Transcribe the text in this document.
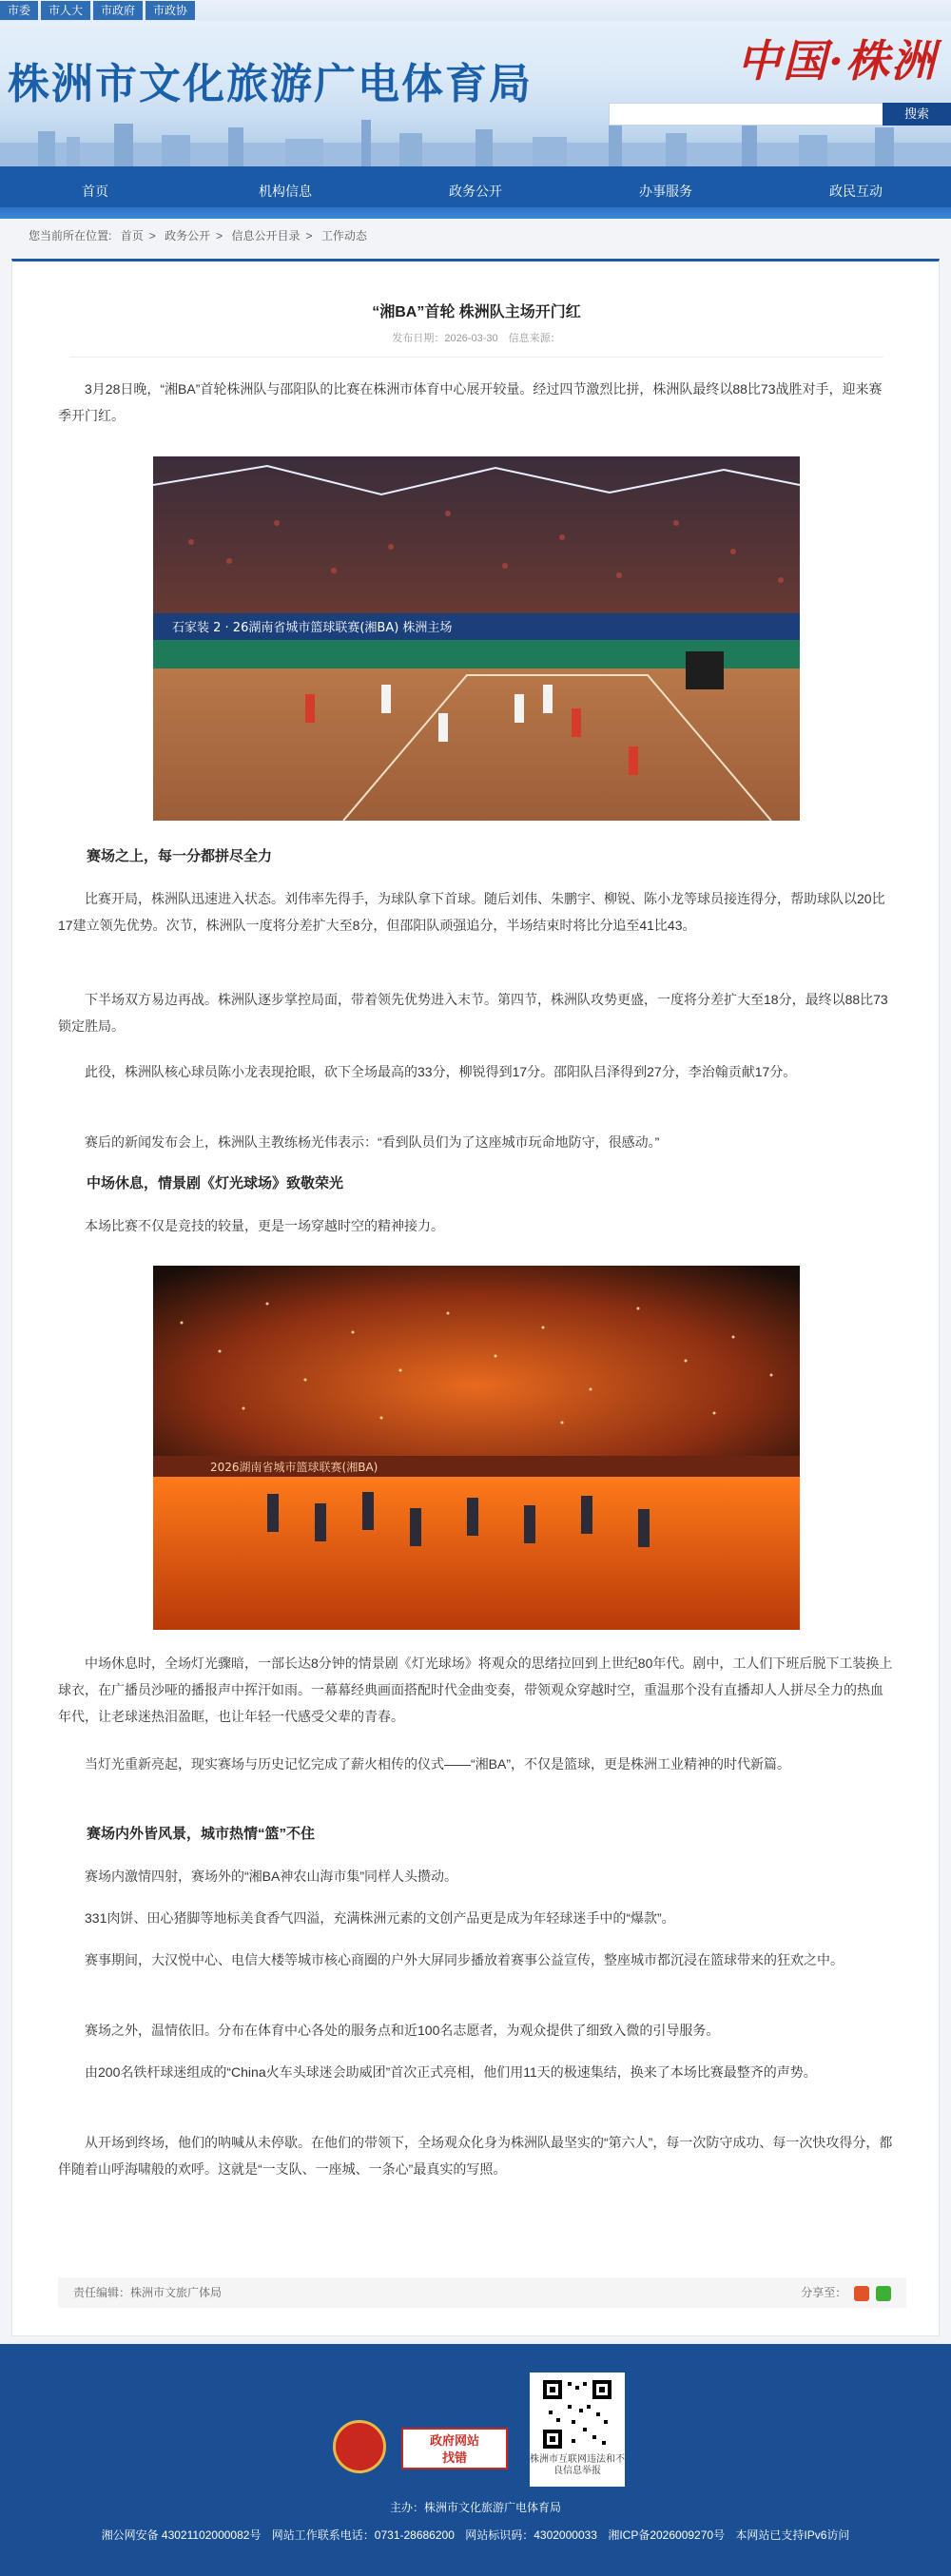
株洲市文化旅游广电体育局	中国·株洲
搜索
市委 市人大 市政府 市政协
首页	机构信息	政务公开	办事服务	政民互动
您当前所在位置: 首页 > 政务公开 > 信息公开目录 > 工作动态
“湘BA”首轮 株洲队主场开门红
发布日期：2026-03-30 信息来源：
3月28日晚，“湘BA”首轮株洲队与邵阳队的比赛在株洲市体育中心展开较量。经过四节激烈比拼，株洲队最终以88比73战胜对手，迎来赛季开门红。
石家装 2 · 26湖南省城市篮球联赛(湘BA) 株洲主场
赛场之上，每一分都拼尽全力
比赛开局，株洲队迅速进入状态。刘伟率先得手，为球队拿下首球。随后刘伟、朱鹏宇、柳锐、陈小龙等球员接连得分，帮助球队以20比17建立领先优势。次节，株洲队一度将分差扩大至8分，但邵阳队顽强追分，半场结束时将比分追至41比43。
下半场双方易边再战。株洲队逐步掌控局面，带着领先优势进入末节。第四节，株洲队攻势更盛，一度将分差扩大至18分，最终以88比73锁定胜局。
此役，株洲队核心球员陈小龙表现抢眼，砍下全场最高的33分，柳锐得到17分。邵阳队吕泽得到27分，李治翰贡献17分。
赛后的新闻发布会上，株洲队主教练杨光伟表示：“看到队员们为了这座城市玩命地防守，很感动。”
中场休息，情景剧《灯光球场》致敬荣光
本场比赛不仅是竞技的较量，更是一场穿越时空的精神接力。
2026湖南省城市篮球联赛(湘BA)
中场休息时，全场灯光骤暗，一部长达8分钟的情景剧《灯光球场》将观众的思绪拉回到上世纪80年代。剧中，工人们下班后脱下工装换上球衣，在广播员沙哑的播报声中挥汗如雨。一幕幕经典画面搭配时代金曲变奏，带领观众穿越时空，重温那个没有直播却人人拼尽全力的热血年代，让老球迷热泪盈眶，也让年轻一代感受父辈的青春。
当灯光重新亮起，现实赛场与历史记忆完成了薪火相传的仪式——“湘BA”，不仅是篮球，更是株洲工业精神的时代新篇。
赛场内外皆风景，城市热情“篮”不住
赛场内激情四射，赛场外的“湘BA神农山海市集”同样人头攒动。
331肉饼、田心猪脚等地标美食香气四溢，充满株洲元素的文创产品更是成为年轻球迷手中的“爆款”。
赛事期间，大汉悦中心、电信大楼等城市核心商圈的户外大屏同步播放着赛事公益宣传，整座城市都沉浸在篮球带来的狂欢之中。
赛场之外，温情依旧。分布在体育中心各处的服务点和近100名志愿者，为观众提供了细致入微的引导服务。
由200名铁杆球迷组成的“China火车头球迷会助威团”首次正式亮相，他们用11天的极速集结，换来了本场比赛最整齐的声势。
从开场到终场，他们的呐喊从未停歇。在他们的带领下，全场观众化身为株洲队最坚实的“第六人”，每一次防守成功、每一次快攻得分，都伴随着山呼海啸般的欢呼。这就是“一支队、一座城、一条心”最真实的写照。
责任编辑：株洲市文旅广体局	分享至：
政府网站
找错	株洲市互联网违法和不良信息举报
主办：株洲市文化旅游广电体育局
湘公网安备 43021102000082号 网站工作联系电话：0731-28686200 网站标识码：4302000033 湘ICP备2026009270号 本网站已支持IPv6访问
